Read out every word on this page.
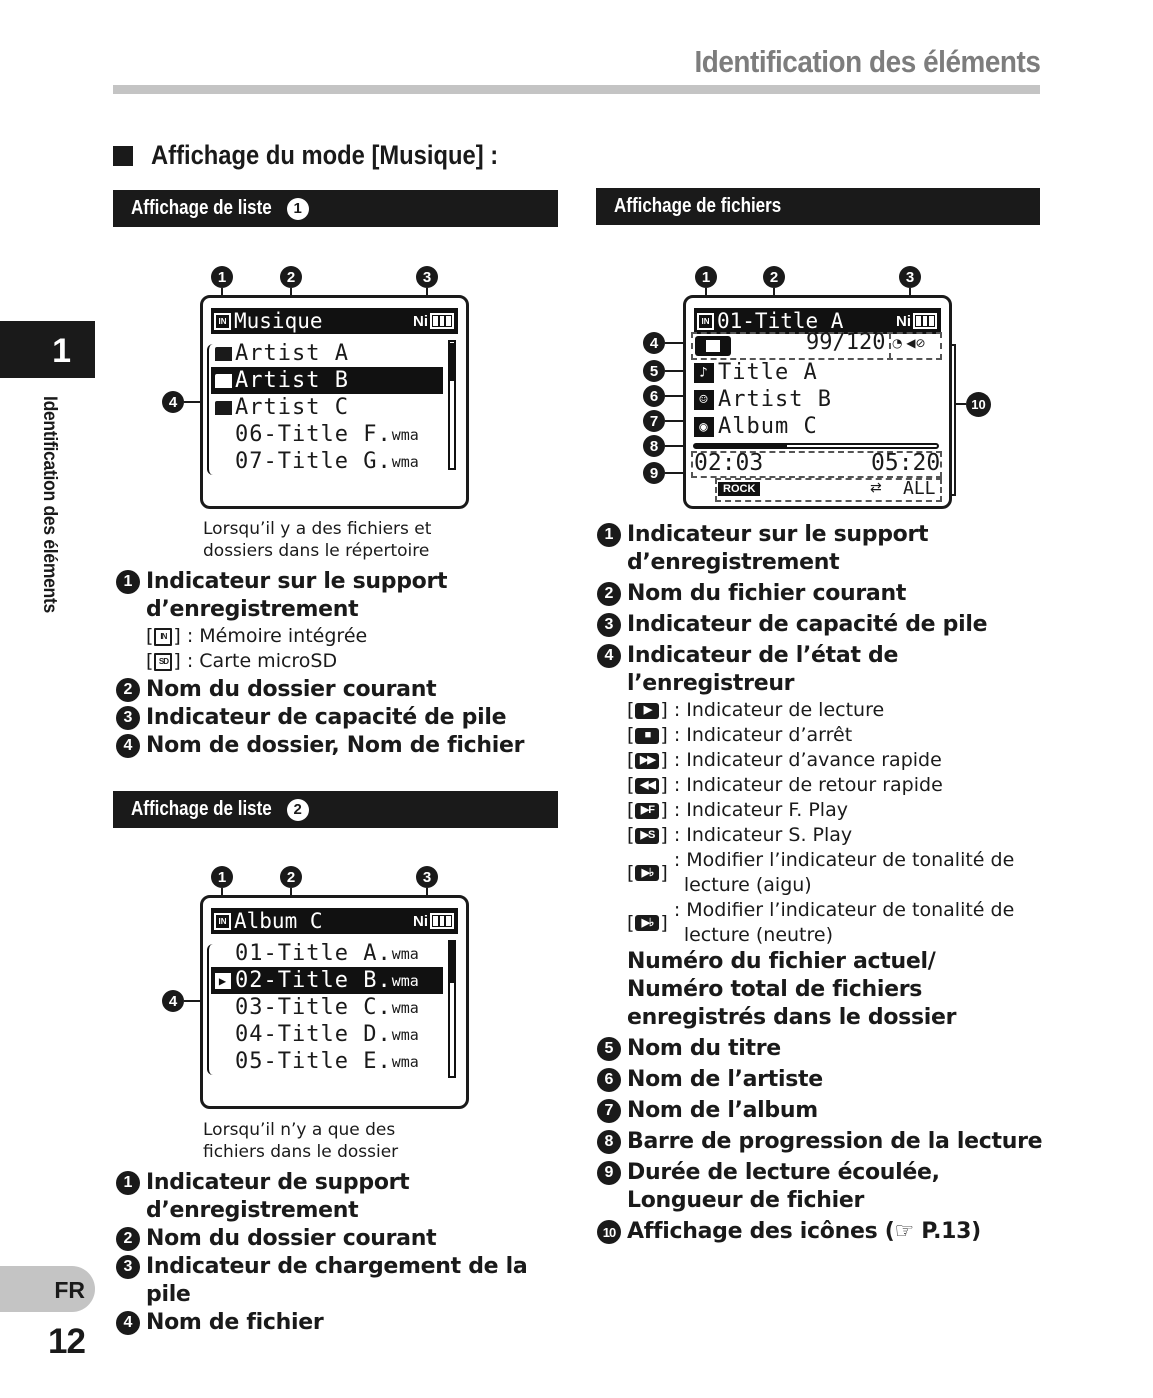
Identification des éléments
1
Identification des éléments
FR
12
Affichage du mode [Musique] :
Affichage de liste	1
1	2	3
4
IN Musique	Ni
Artist A
Artist B
Artist C
06-Title F. wma
07-Title G. wma
Lorsqu’il y a des fichiers et
dossiers dans le répertoire
1 Indicateur sur le support
d’enregistrement
[ IN ] : Mémoire intégrée
[ SD ] : Carte microSD
2 Nom du dossier courant
3 Indicateur de capacité de pile
4 Nom de dossier, Nom de fichier
Affichage de liste	2
1	2	3
4
IN Album C	Ni
01-Title A. wma
▶ 02-Title B. wma
03-Title C. wma
04-Title D. wma
05-Title E. wma
Lorsqu’il n’y a que des
fichiers dans le dossier
1 Indicateur de support
d’enregistrement
2 Nom du dossier courant
3 Indicateur de chargement de la pile
4 Nom de fichier
Affichage de fichiers
1	2	3
4
5
6
7
8
9
10
IN 01-Title A	Ni
99/120 ◔ ◀⊘
♪ Title A
☺ Artist B
◉ Album C
02:03	05:20
ROCK	⇄ ALL
1 Indicateur sur le support
d’enregistrement
2 Nom du fichier courant
3 Indicateur de capacité de pile
4 Indicateur de l’état de
l’enregistreur
[ ▶ ] : Indicateur de lecture
[ ■ ] : Indicateur d’arrêt
[ ▶▶ ] : Indicateur d’avance rapide
[ ◀◀ ] : Indicateur de retour rapide
[ ▶F ] : Indicateur F. Play
[ ▶S ] : Indicateur S. Play
[ ▶♭ ]
: Modifier l’indicateur de tonalité de
lecture (aigu)
[ ▶♭ ]
: Modifier l’indicateur de tonalité de
lecture (neutre)
Numéro du fichier actuel/
Numéro total de fichiers
enregistrés dans le dossier
5 Nom du titre
6 Nom de l’artiste
7 Nom de l’album
8 Barre de progression de la lecture
9 Durée de lecture écoulée,
Longueur de fichier
10 Affichage des icônes (☞ P.13)
